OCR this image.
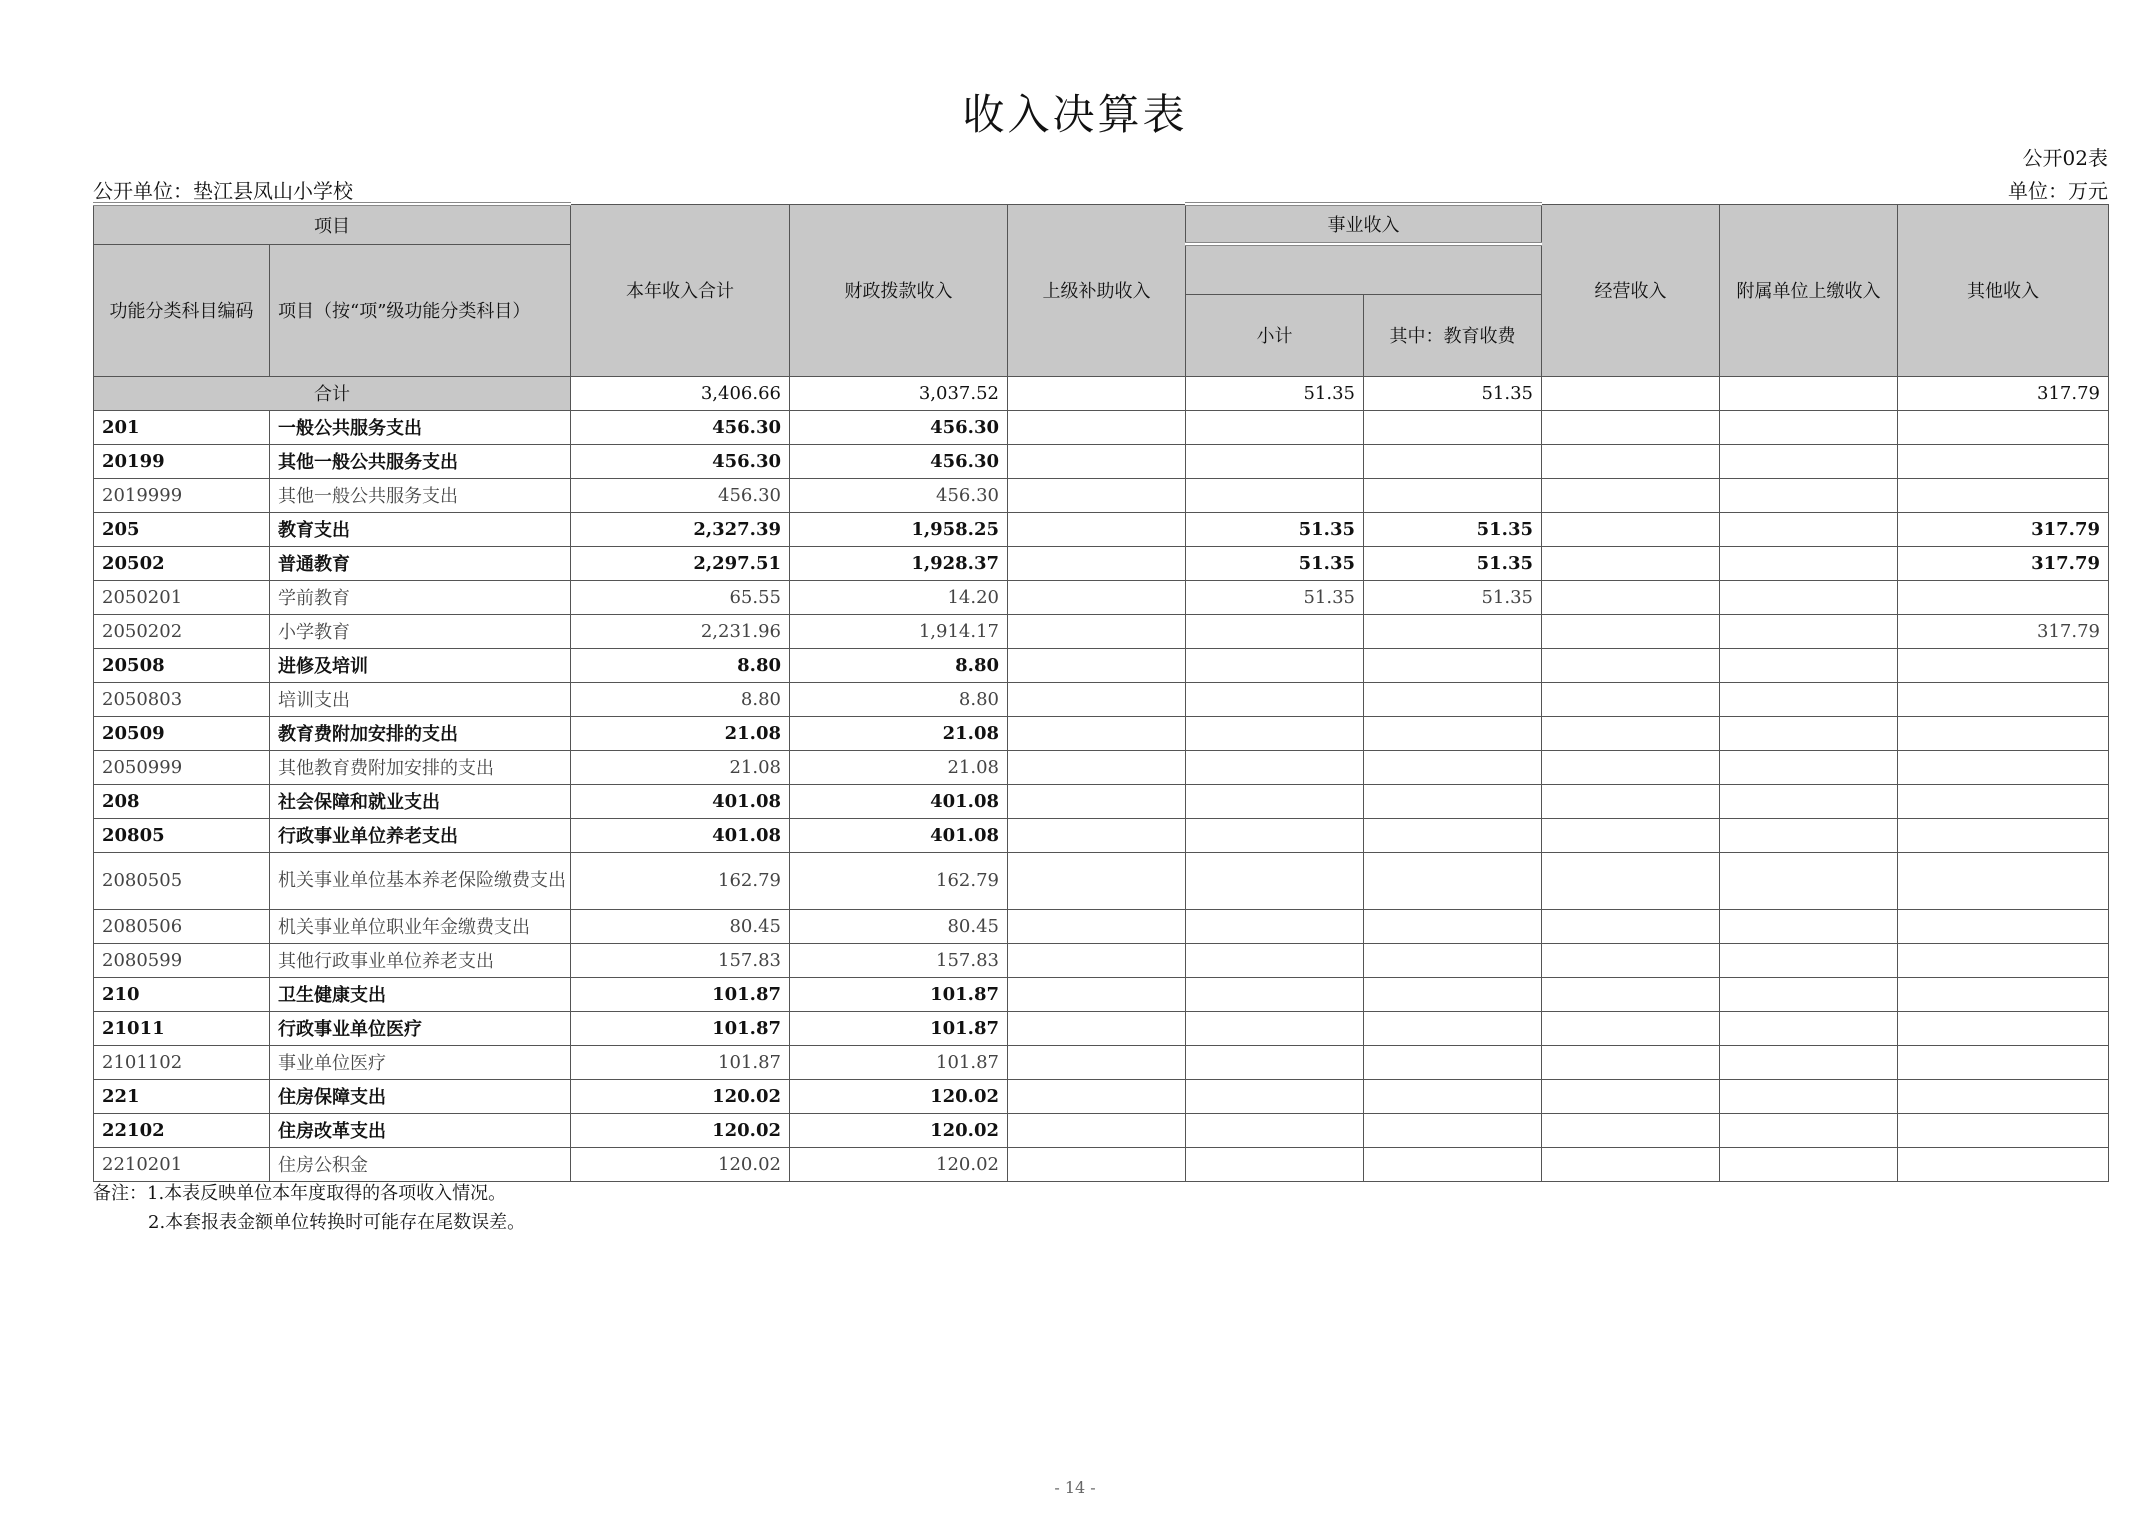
收入决算表
公开02表
公开单位：垫江县凤山小学校	单位：万元
项目		本年收入合计	财政拨款收入	上级补助收入	事业收入		经营收入	附属单位上缴收入	其他收入
功能分类科目编码	项目（按“项”级功能分类科目）								
					小计	其中：教育收费			
合计		3,406.66	3,037.52		51.35	51.35			317.79
201	一般公共服务支出	456.30	456.30						
20199	其他一般公共服务支出	456.30	456.30						
2019999	其他一般公共服务支出	456.30	456.30						
205	教育支出	2,327.39	1,958.25		51.35	51.35			317.79
20502	普通教育	2,297.51	1,928.37		51.35	51.35			317.79
2050201	学前教育	65.55	14.20		51.35	51.35			
2050202	小学教育	2,231.96	1,914.17						317.79
20508	进修及培训	8.80	8.80						
2050803	培训支出	8.80	8.80						
20509	教育费附加安排的支出	21.08	21.08						
2050999	其他教育费附加安排的支出	21.08	21.08						
208	社会保障和就业支出	401.08	401.08						
20805	行政事业单位养老支出	401.08	401.08						
2080505	机关事业单位基本养老保险缴费支出	162.79	162.79						
2080506	机关事业单位职业年金缴费支出	80.45	80.45						
2080599	其他行政事业单位养老支出	157.83	157.83						
210	卫生健康支出	101.87	101.87						
21011	行政事业单位医疗	101.87	101.87						
2101102	事业单位医疗	101.87	101.87						
221	住房保障支出	120.02	120.02						
22102	住房改革支出	120.02	120.02						
2210201	住房公积金	120.02	120.02						
备注：1.本表反映单位本年度取得的各项收入情况。
2.本套报表金额单位转换时可能存在尾数误差。
- 14 -
